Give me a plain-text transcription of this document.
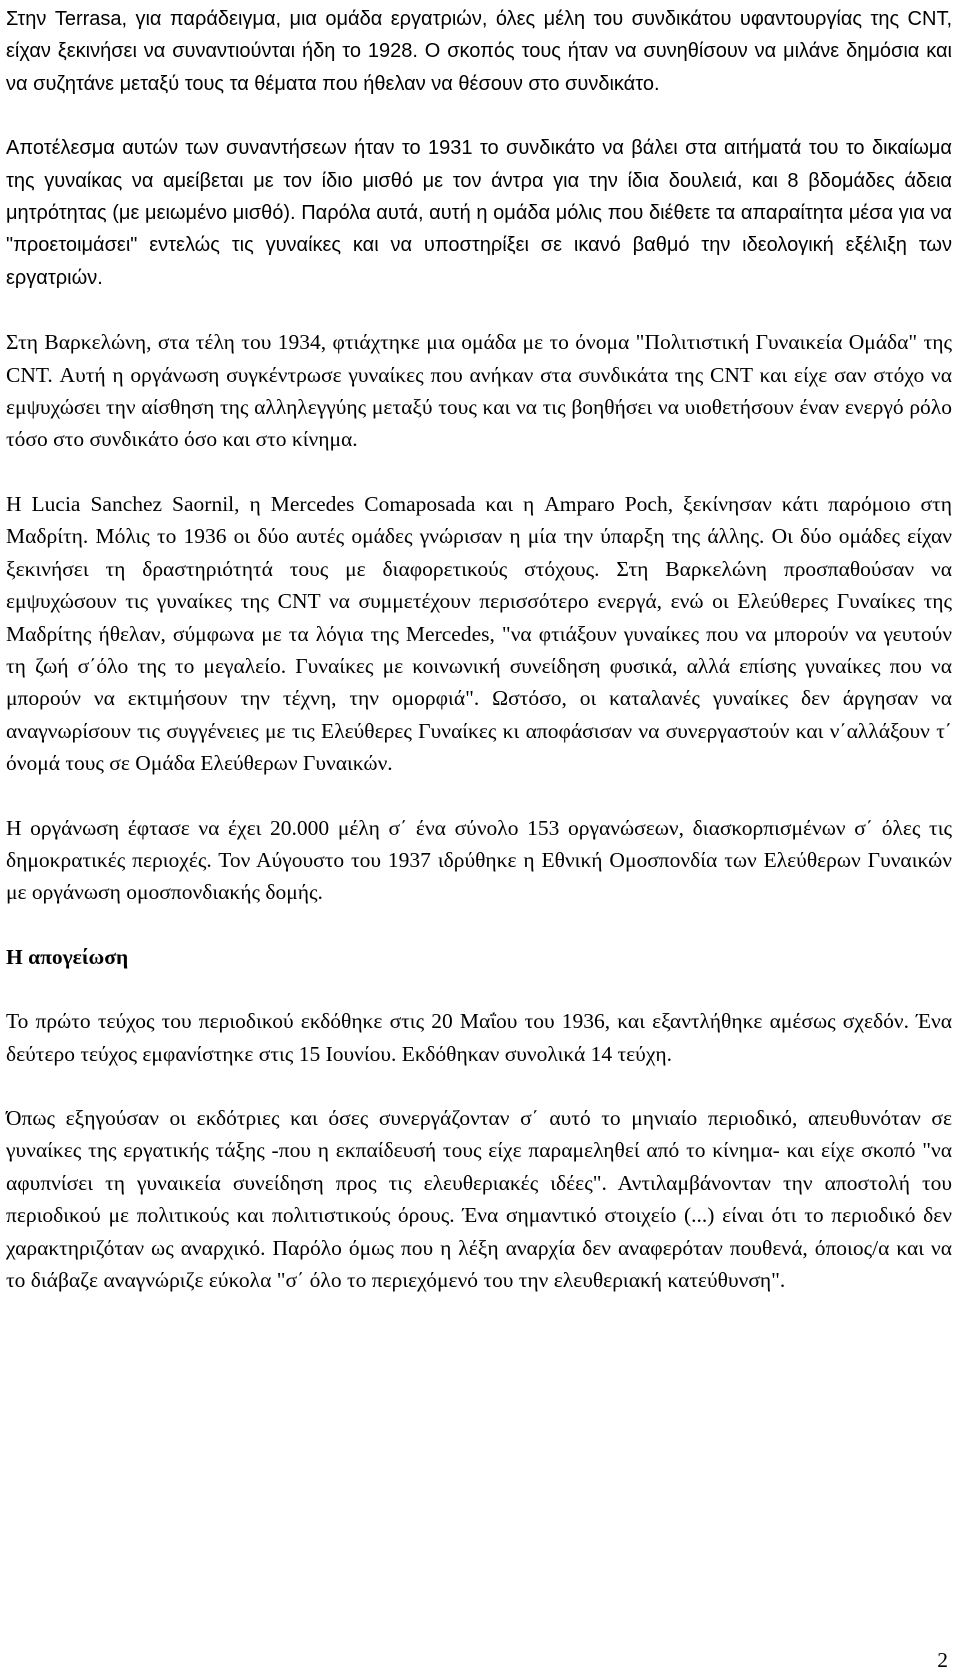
Στην Terrasa, για παράδειγμα, μια ομάδα εργατριών, όλες μέλη του συνδικάτου υφαντουργίας της CNT, είχαν ξεκινήσει να συναντιούνται ήδη το 1928. Ο σκοπός τους ήταν να συνηθίσουν να μιλάνε δημόσια και να συζητάνε μεταξύ τους τα θέματα που ήθελαν να θέσουν στο συνδικάτο.

Αποτέλεσμα αυτών των συναντήσεων ήταν το 1931 το συνδικάτο να βάλει στα αιτήματά του το δικαίωμα της γυναίκας να αμείβεται με τον ίδιο μισθό με τον άντρα για την ίδια δουλειά, και 8 βδομάδες άδεια μητρότητας (με μειωμένο μισθό). Παρόλα αυτά, αυτή η ομάδα μόλις που διέθετε τα απαραίτητα μέσα για να "προετοιμάσει" εντελώς τις γυναίκες και να υποστηρίξει σε ικανό βαθμό την ιδεολογική εξέλιξη των εργατριών.

Στη Βαρκελώνη, στα τέλη του 1934, φτιάχτηκε μια ομάδα με το όνομα "Πολιτιστική Γυναικεία Ομάδα" της CNT. Αυτή η οργάνωση συγκέντρωσε γυναίκες που ανήκαν στα συνδικάτα της CNT και είχε σαν στόχο να εμψυχώσει την αίσθηση της αλληλεγγύης μεταξύ τους και να τις βοηθήσει να υιοθετήσουν έναν ενεργό ρόλο τόσο στο συνδικάτο όσο και στο κίνημα.

Η Lucia Sanchez Saornil, η Mercedes Comaposada και η Amparo Poch, ξεκίνησαν κάτι παρόμοιο στη Μαδρίτη. Μόλις το 1936 οι δύο αυτές ομάδες γνώρισαν η μία την ύπαρξη της άλλης. Οι δύο ομάδες είχαν ξεκινήσει τη δραστηριότητά τους με διαφορετικούς στόχους. Στη Βαρκελώνη προσπαθούσαν να εμψυχώσουν τις γυναίκες της CNT να συμμετέχουν περισσότερο ενεργά, ενώ οι Ελεύθερες Γυναίκες της Μαδρίτης ήθελαν, σύμφωνα με τα λόγια της Mercedes, "να φτιάξουν γυναίκες που να μπορούν να γευτούν τη ζωή σ΄όλο της το μεγαλείο. Γυναίκες με κοινωνική συνείδηση φυσικά, αλλά επίσης γυναίκες που να μπορούν να εκτιμήσουν την τέχνη, την ομορφιά". Ωστόσο, οι καταλανές γυναίκες δεν άργησαν να αναγνωρίσουν τις συγγένειες με τις Ελεύθερες Γυναίκες κι αποφάσισαν να συνεργαστούν και ν΄αλλάξουν τ΄ όνομά τους σε Ομάδα Ελεύθερων Γυναικών.

Η οργάνωση έφτασε να έχει 20.000 μέλη σ΄ ένα σύνολο 153 οργανώσεων, διασκορπισμένων σ΄ όλες τις δημοκρατικές περιοχές. Τον Αύγουστο του 1937 ιδρύθηκε η Εθνική Ομοσπονδία των Ελεύθερων Γυναικών με οργάνωση ομοσπονδιακής δομής.

Η απογείωση

Το πρώτο τεύχος του περιοδικού εκδόθηκε στις 20 Μαΐου του 1936, και εξαντλήθηκε αμέσως σχεδόν. Ένα δεύτερο τεύχος εμφανίστηκε στις 15 Ιουνίου. Εκδόθηκαν συνολικά 14 τεύχη.

Όπως εξηγούσαν οι εκδότριες και όσες συνεργάζονταν σ΄ αυτό το μηνιαίο περιοδικό, απευθυνόταν σε γυναίκες της εργατικής τάξης -που η εκπαίδευσή τους είχε παραμεληθεί από το κίνημα- και είχε σκοπό "να αφυπνίσει τη γυναικεία συνείδηση προς τις ελευθεριακές ιδέες". Αντιλαμβάνονταν την αποστολή του περιοδικού με πολιτικούς και πολιτιστικούς όρους. Ένα σημαντικό στοιχείο (...) είναι ότι το περιοδικό δεν χαρακτηριζόταν ως αναρχικό. Παρόλο όμως που η λέξη αναρχία δεν αναφερόταν πουθενά, όποιος/α και να το διάβαζε αναγνώριζε εύκολα "σ΄ όλο το περιεχόμενό του την ελευθεριακή κατεύθυνση".

2
